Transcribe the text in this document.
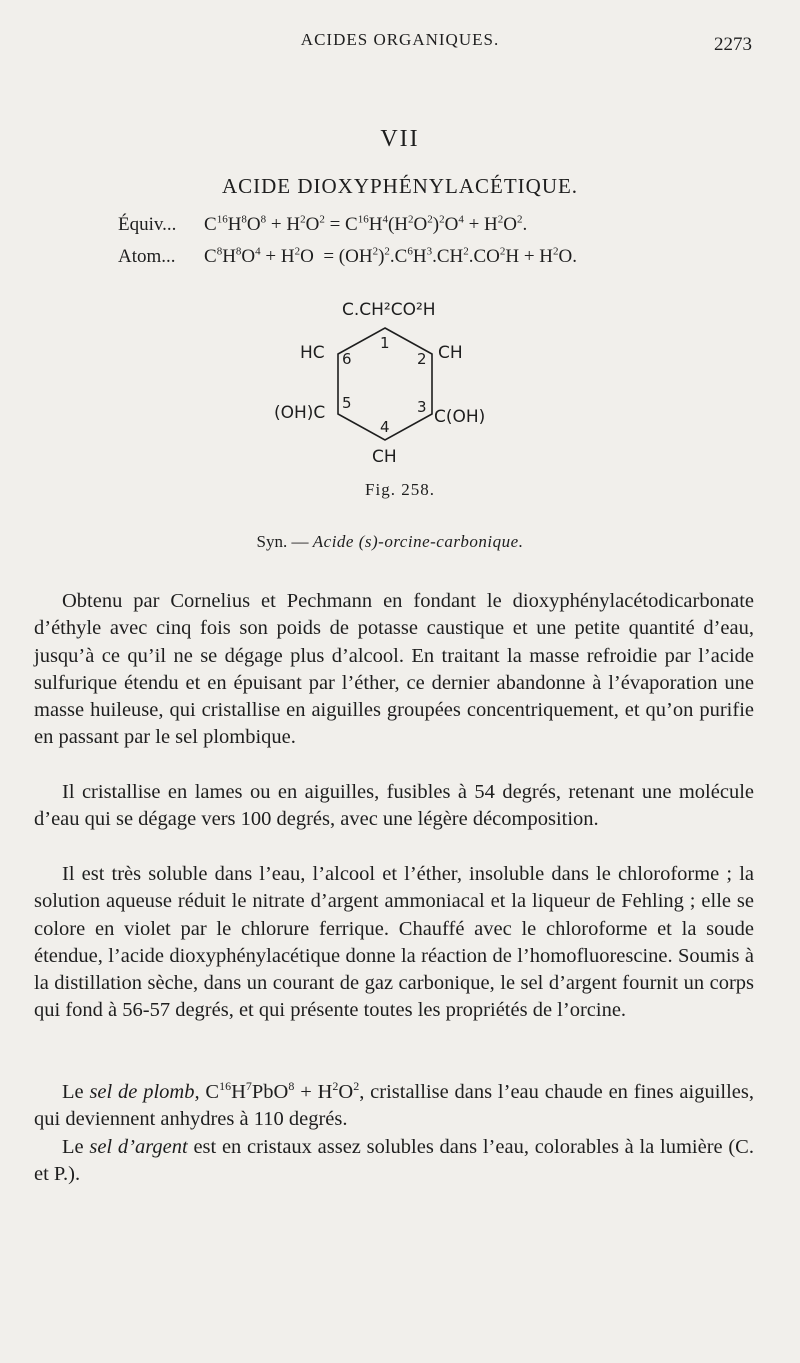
ACIDES ORGANIQUES.	2273
VII
ACIDE DIOXYPHÉNYLACÉTIQUE.
Équiv... $C^{16}H^8O^8 + H^2O^2 = C^{16}H^4(H^2O^2)^2O^4 + H^2O^2$.
Atom... $C^8H^8O^4 + H^2O = (OH^2)^2.C^6H^3.CH^2.CO^2H + H^2O$.
C.CH²CO²H
HC	CH
(OH)C	C(OH)
CH
1
2
3
4
5
6
Fig. 258.
Syn. — Acide (s)-orcine-carbonique.

Obtenu par Cornelius et Pechmann en fondant le dioxyphénylacétodicarbonate d’éthyle avec cinq fois son poids de potasse caustique et une petite quantité d’eau, jusqu’à ce qu’il ne se dégage plus d’alcool. En traitant la masse refroidie par l’acide sulfurique étendu et en épuisant par l’éther, ce dernier abandonne à l’évaporation une masse huileuse, qui cristallise en aiguilles groupées concentriquement, et qu’on purifie en passant par le sel plombique.

Il cristallise en lames ou en aiguilles, fusibles à 54 degrés, retenant une molécule d’eau qui se dégage vers 100 degrés, avec une légère décomposition.

Il est très soluble dans l’eau, l’alcool et l’éther, insoluble dans le chloroforme ; la solution aqueuse réduit le nitrate d’argent ammoniacal et la liqueur de Fehling ; elle se colore en violet par le chlorure ferrique. Chauffé avec le chloroforme et la soude étendue, l’acide dioxyphénylacétique donne la réaction de l’homofluorescine. Soumis à la distillation sèche, dans un courant de gaz carbonique, le sel d’argent fournit un corps qui fond à 56-57 degrés, et qui présente toutes les propriétés de l’orcine.

Le sel de plomb, $C^{16}H^7PbO^8 + H^2O^2$, cristallise dans l’eau chaude en fines aiguilles, qui deviennent anhydres à 110 degrés.

Le sel d’argent est en cristaux assez solubles dans l’eau, colorables à la lumière (C. et P.).
